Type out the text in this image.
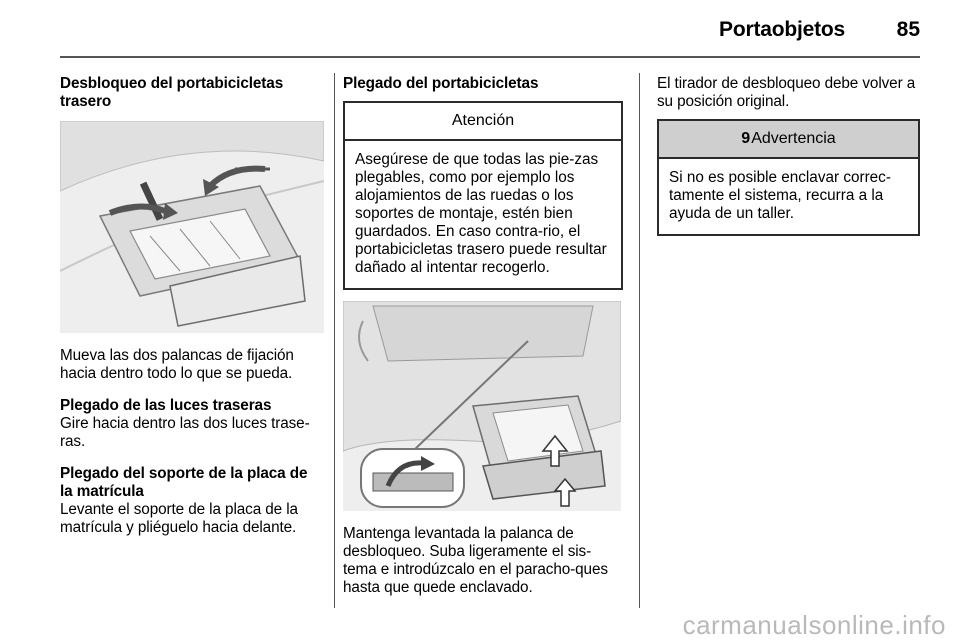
Portaobjetos	85
Desbloqueo del portabicicletas trasero
Mueva las dos palancas de fijación hacia dentro todo lo que se pueda.
Plegado de las luces traseras
Gire hacia dentro las dos luces trase-ras.
Plegado del soporte de la placa de la matrícula
Levante el soporte de la placa de la matrícula y pliéguelo hacia delante.
Plegado del portabicicletas
Atención
Asegúrese de que todas las pie-zas plegables, como por ejemplo los alojamientos de las ruedas o los soportes de montaje, estén bien guardados. En caso contra-rio, el portabicicletas trasero puede resultar dañado al intentar recogerlo.
Mantenga levantada la palanca de desbloqueo. Suba ligeramente el sis-tema e introdúzcalo en el paracho-ques hasta que quede enclavado.
El tirador de desbloqueo debe volver a su posición original.
9 Advertencia
Si no es posible enclavar correc-tamente el sistema, recurra a la ayuda de un taller.
carmanualsonline.info
